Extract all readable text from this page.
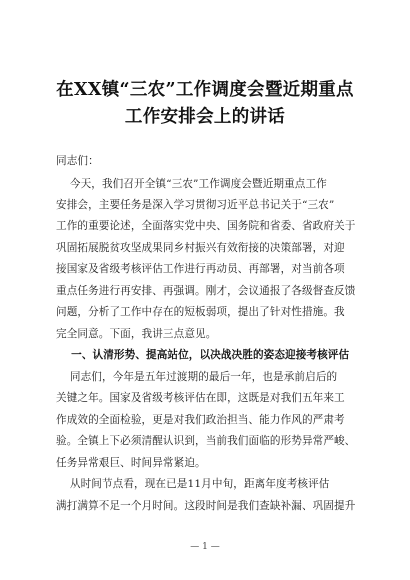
在XX镇“三农”工作调度会暨近期重点
工作安排会上的讲话
同志们：
今天，我们召开全镇“三农”工作调度会暨近期重点工作
安排会，主要任务是深入学习贯彻习近平总书记关于“三农”
工作的重要论述，全面落实党中央、国务院和省委、省政府关于
巩固拓展脱贫攻坚成果同乡村振兴有效衔接的决策部署，对迎
接国家及省级考核评估工作进行再动员、再部署，对当前各项
重点任务进行再安排、再强调。刚才，会议通报了各级督查反馈
问题，分析了工作中存在的短板弱项，提出了针对性措施。我
完全同意。下面，我讲三点意见。
一、认清形势、提高站位，以决战决胜的姿态迎接考核评估
同志们，今年是五年过渡期的最后一年，也是承前启后的
关键之年。国家及省级考核评估在即，这既是对我们五年来工
作成效的全面检验，更是对我们政治担当、能力作风的严肃考
验。全镇上下必须清醒认识到，当前我们面临的形势异常严峻、
任务异常艰巨、时间异常紧迫。
从时间节点看，现在已是11月中旬，距离年度考核评估
满打满算不足一个月时间。这段时间是我们查缺补漏、巩固提升
— 1 —
